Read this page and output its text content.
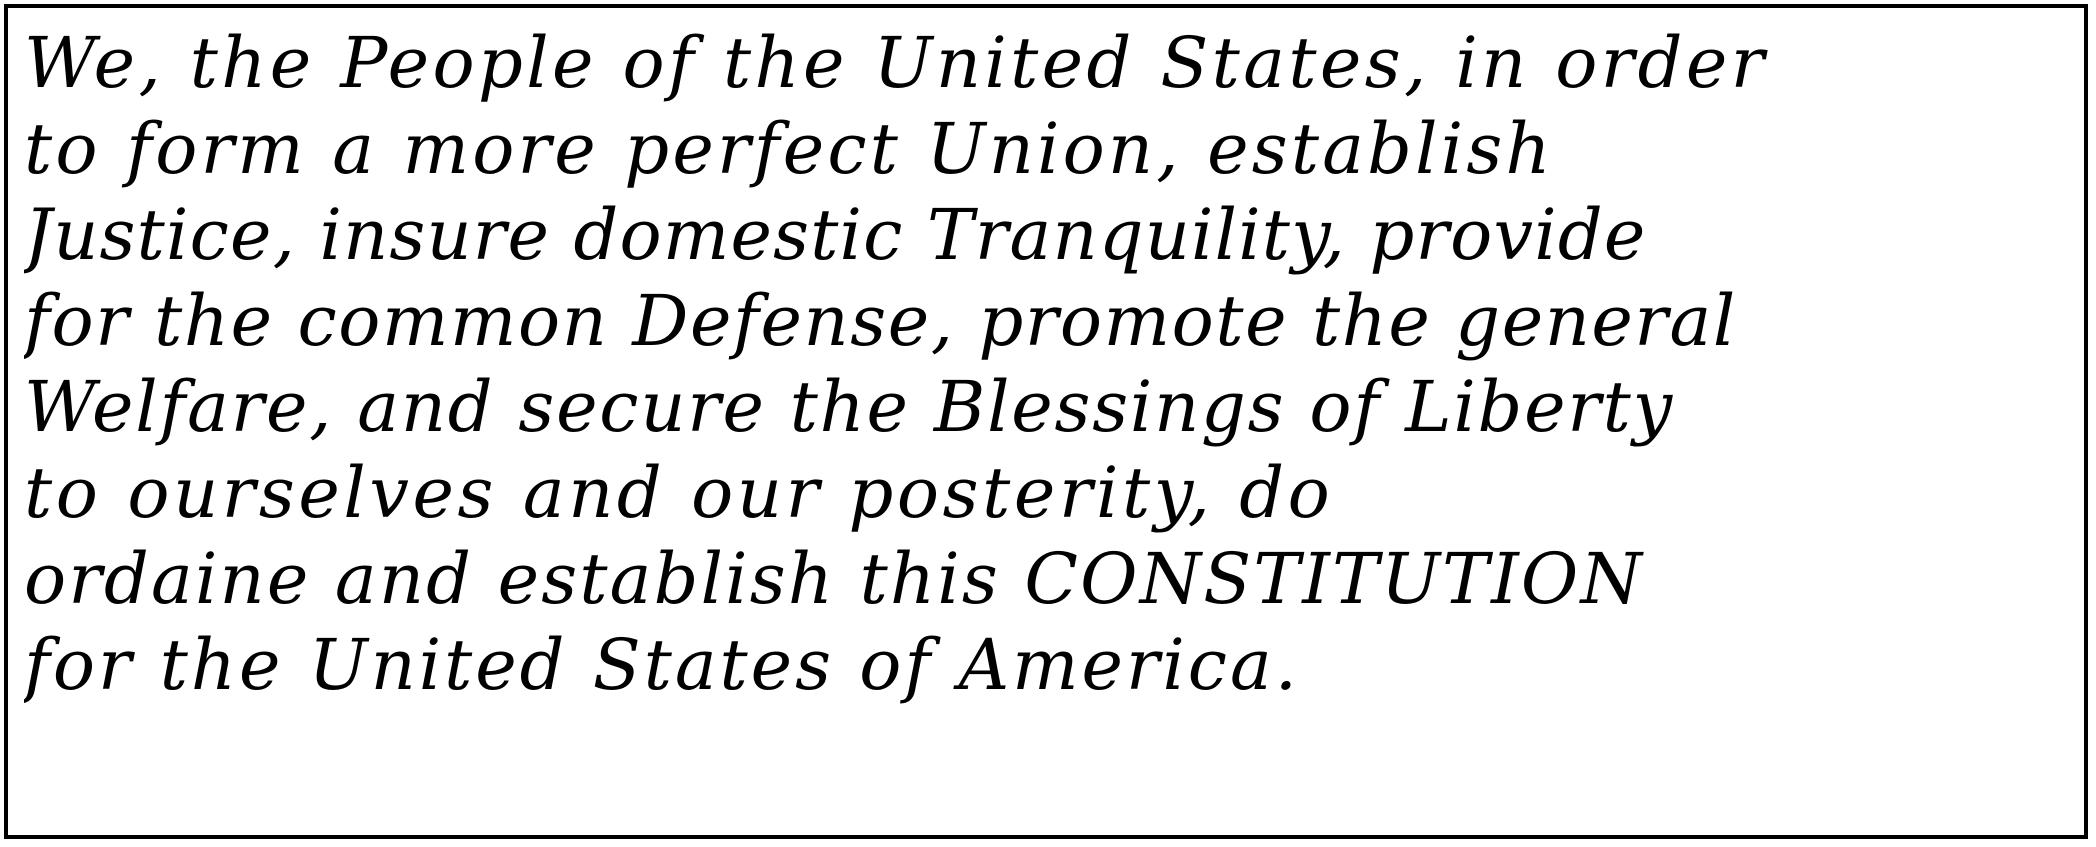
We, the People of the United States, in order
to form a more perfect Union, establish
Justice, insure domestic Tranquility, provide
for the common Defense, promote the general
Welfare, and secure the Blessings of Liberty
to ourselves and our posterity, do
ordaine and establish this CONSTITUTION
for the United States of America.
